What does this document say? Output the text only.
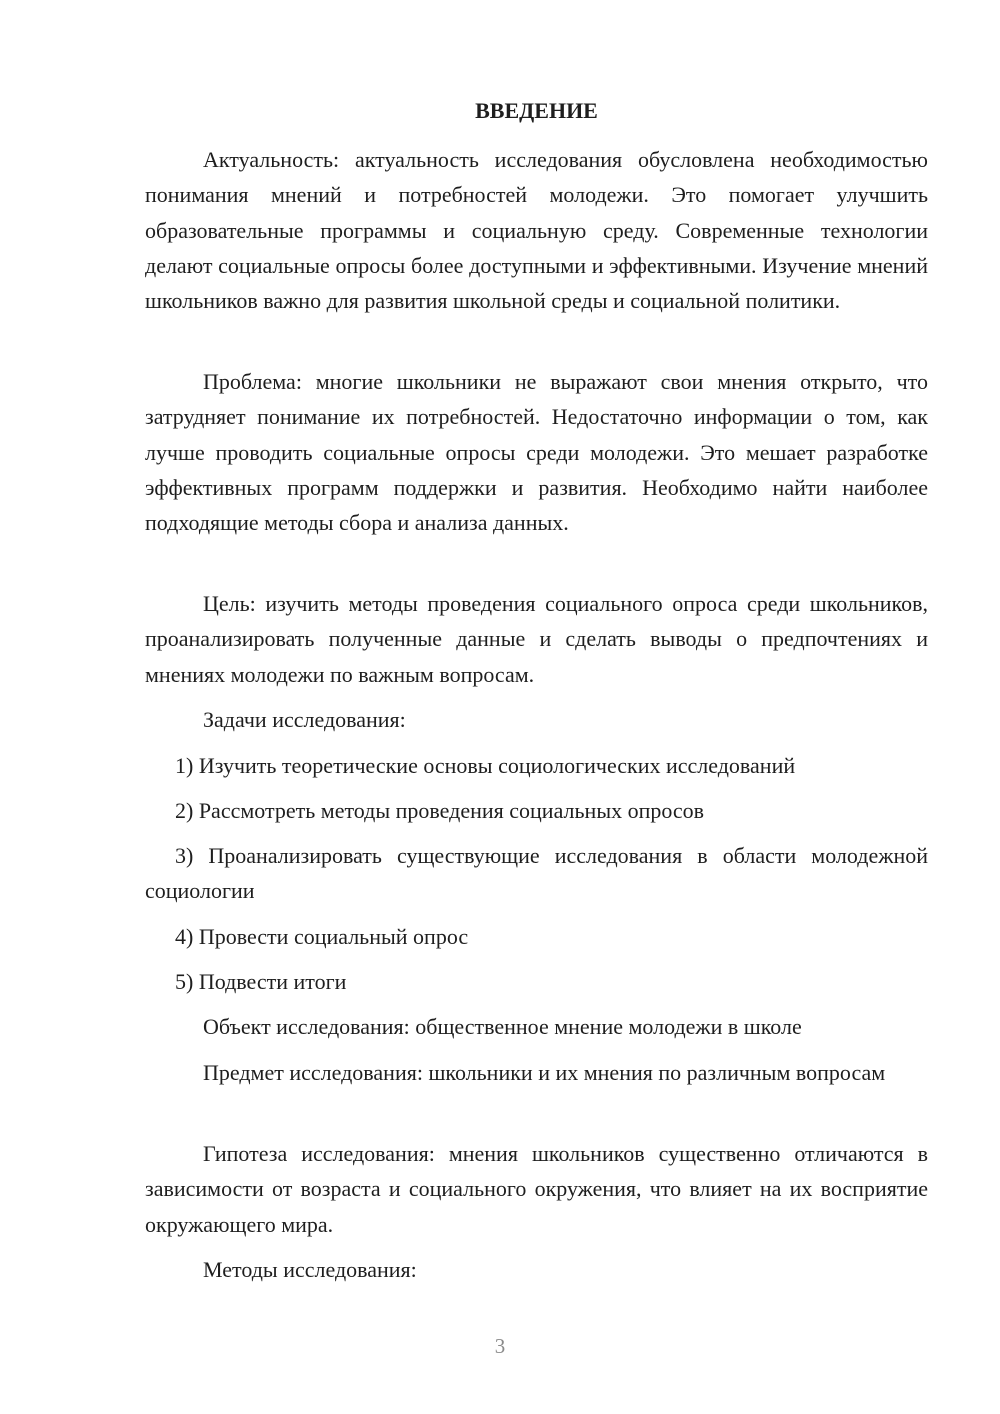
ВВЕДЕНИЕ

Актуальность: актуальность исследования обусловлена необходимостью понимания мнений и потребностей молодежи. Это помогает улучшить образовательные программы и социальную среду. Современные технологии делают социальные опросы более доступными и эффективными. Изучение мнений школьников важно для развития школьной среды и социальной политики.

Проблема: многие школьники не выражают свои мнения открыто, что затрудняет понимание их потребностей. Недостаточно информации о том, как лучше проводить социальные опросы среди молодежи. Это мешает разработке эффективных программ поддержки и развития. Необходимо найти наиболее подходящие методы сбора и анализа данных.

Цель: изучить методы проведения социального опроса среди школьников, проанализировать полученные данные и сделать выводы о предпочтениях и мнениях молодежи по важным вопросам.

Задачи исследования:

1) Изучить теоретические основы социологических исследований

2) Рассмотреть методы проведения социальных опросов

3) Проанализировать существующие исследования в области молодежной социологии

4) Провести социальный опрос

5) Подвести итоги

Объект исследования: общественное мнение молодежи в школе

Предмет исследования: школьники и их мнения по различным вопросам

Гипотеза исследования: мнения школьников существенно отличаются в зависимости от возраста и социального окружения, что влияет на их восприятие окружающего мира.

Методы исследования:

3
